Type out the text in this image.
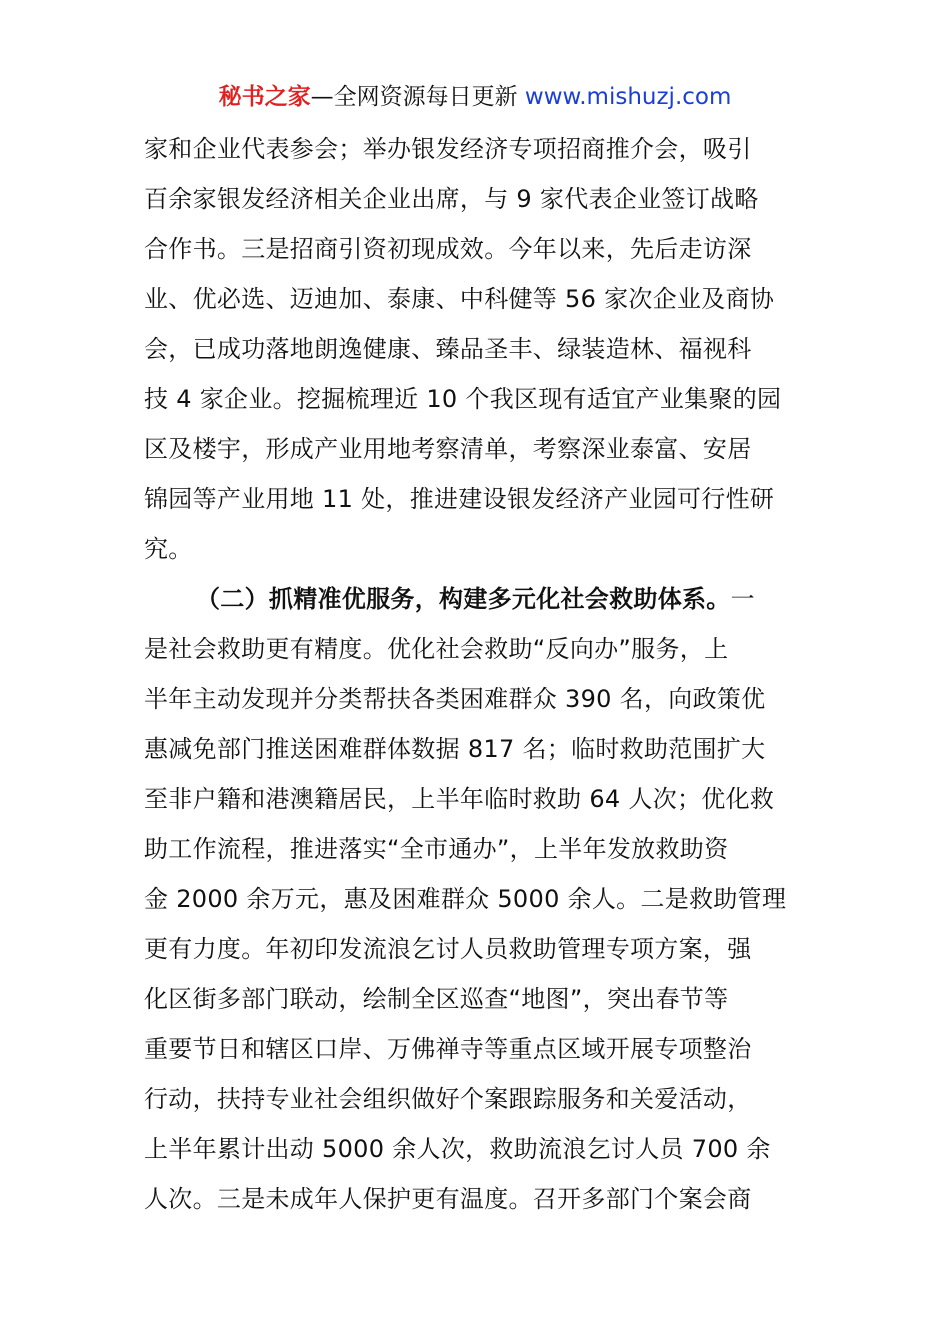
秘书之家—全网资源每日更新 www.mishuzj.com
家和企业代表参会；举办银发经济专项招商推介会，吸引
百余家银发经济相关企业出席，与 9 家代表企业签订战略
合作书。三是招商引资初现成效。今年以来，先后走访深
业、优必选、迈迪加、泰康、中科健等 56 家次企业及商协
会，已成功落地朗逸健康、臻品圣丰、绿装造林、福视科
技 4 家企业。挖掘梳理近 10 个我区现有适宜产业集聚的园
区及楼宇，形成产业用地考察清单，考察深业泰富、安居
锦园等产业用地 11 处，推进建设银发经济产业园可行性研
究。
（二）抓精准优服务，构建多元化社会救助体系。一
是社会救助更有精度。优化社会救助“反向办”服务，上
半年主动发现并分类帮扶各类困难群众 390 名，向政策优
惠减免部门推送困难群体数据 817 名；临时救助范围扩大
至非户籍和港澳籍居民，上半年临时救助 64 人次；优化救
助工作流程，推进落实“全市通办”，上半年发放救助资
金 2000 余万元，惠及困难群众 5000 余人。二是救助管理
更有力度。年初印发流浪乞讨人员救助管理专项方案，强
化区街多部门联动，绘制全区巡查“地图”，突出春节等
重要节日和辖区口岸、万佛禅寺等重点区域开展专项整治
行动，扶持专业社会组织做好个案跟踪服务和关爱活动，
上半年累计出动 5000 余人次，救助流浪乞讨人员 700 余
人次。三是未成年人保护更有温度。召开多部门个案会商
